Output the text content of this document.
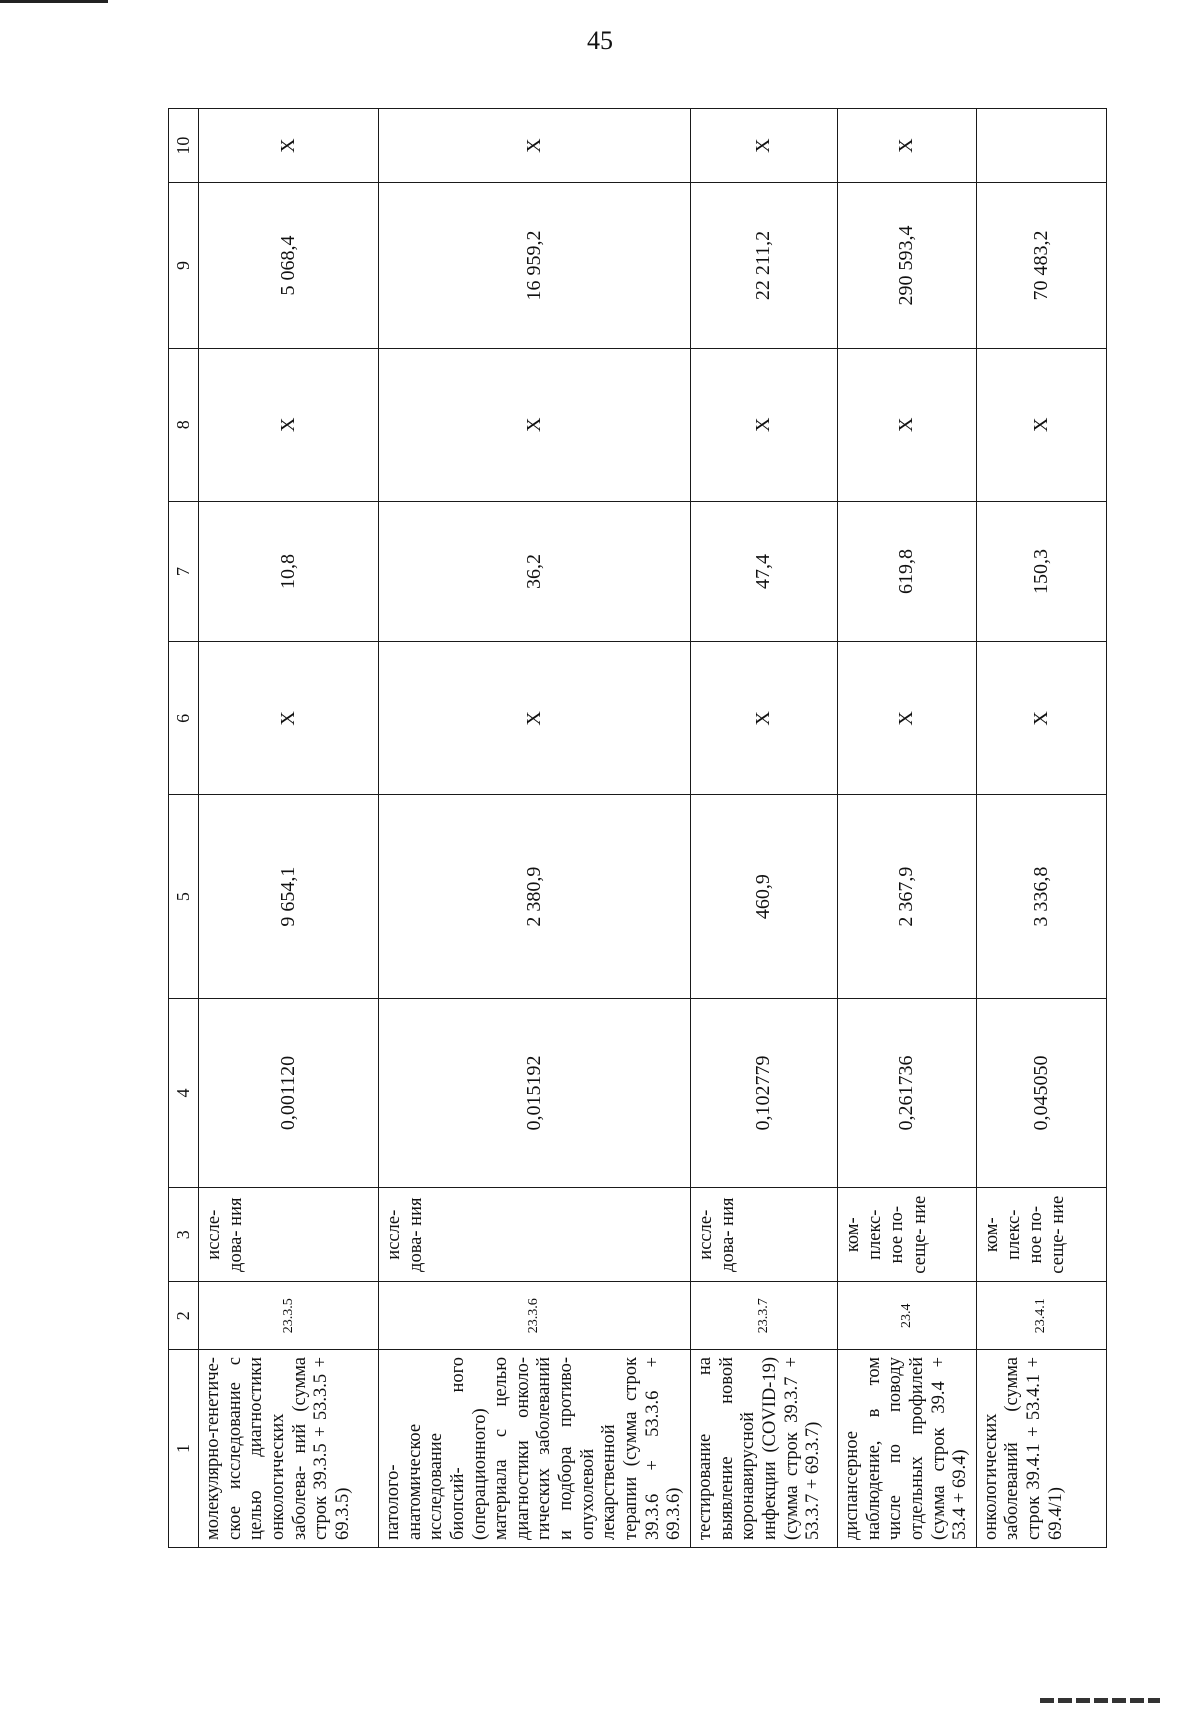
45
1	2	3	4	5	6	7	8	9	10
молекулярно-генетиче- ское исследование с целью диагностики онкологических заболева- ний (сумма строк 39.3.5 + 53.3.5 + 69.3.5)	23.3.5	иссле- дова- ния	0,001120	9 654,1	X	10,8	X	5 068,4	X
патолого-анатомическое исследование биопсий- ного (операционного) материала с целью диагностики онколо- гических заболеваний и подбора противо- опухолевой лекарственной терапии (сумма строк 39.3.6 + 53.3.6 + 69.3.6)	23.3.6	иссле- дова- ния	0,015192	2 380,9	X	36,2	X	16 959,2	X
тестирование на выявление новой коронавирусной инфекции (COVID-19) (сумма строк 39.3.7 + 53.3.7 + 69.3.7)	23.3.7	иссле- дова- ния	0,102779	460,9	X	47,4	X	22 211,2	X
диспансерное наблюдение, в том числе по поводу отдельных профилей (сумма строк 39.4 + 53.4 + 69.4)	23.4	ком- плекс- ное по- сеще- ние	0,261736	2 367,9	X	619,8	X	290 593,4	X
онкологических заболеваний (сумма строк 39.4.1 + 53.4.1 + 69.4/1)	23.4.1	ком- плекс- ное по- сеще- ние	0,045050	3 336,8	X	150,3	X	70 483,2	
